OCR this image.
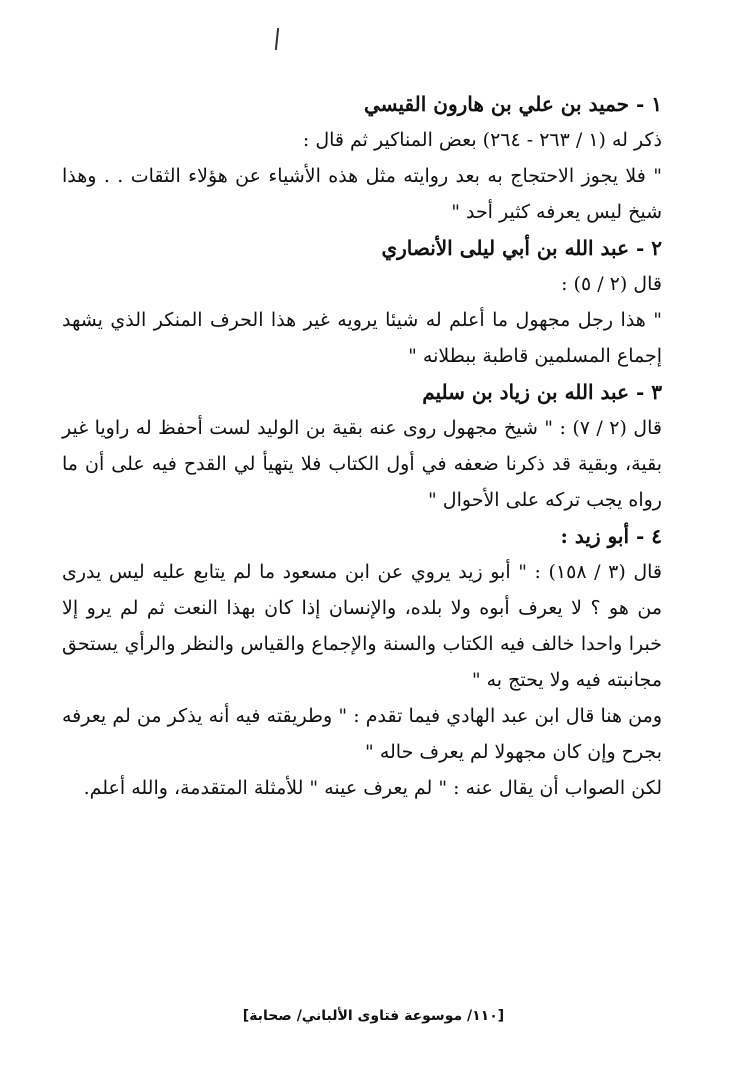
١ - حميد بن علي بن هارون القيسي

ذكر له (١ / ٢٦٣ - ٢٦٤) بعض المناكير ثم قال :

" فلا يجوز الاحتجاج به بعد روايته مثل هذه الأشياء عن هؤلاء الثقات . . وهذا شيخ ليس يعرفه كثير أحد "

٢ - عبد الله بن أبي ليلى الأنصاري

قال (٢ / ٥) :

" هذا رجل مجهول ما أعلم له شيئا يرويه غير هذا الحرف المنكر الذي يشهد إجماع المسلمين قاطبة ببطلانه "

٣ - عبد الله بن زياد بن سليم

قال (٢ / ٧) : " شيخ مجهول روى عنه بقية بن الوليد لست أحفظ له راويا غير بقية، وبقية قد ذكرنا ضعفه في أول الكتاب فلا يتهيأ لي القدح فيه على أن ما رواه يجب تركه على الأحوال "

٤ - أبو زيد :

قال (٣ / ١٥٨) : " أبو زيد يروي عن ابن مسعود ما لم يتابع عليه ليس يدرى من هو ؟ لا يعرف أبوه ولا بلده، والإنسان إذا كان بهذا النعت ثم لم يرو إلا خبرا واحدا خالف فيه الكتاب والسنة والإجماع والقياس والنظر والرأي يستحق مجانبته فيه ولا يحتج به "

ومن هنا قال ابن عبد الهادي فيما تقدم : " وطريقته فيه أنه يذكر من لم يعرفه بجرح وإن كان مجهولا لم يعرف حاله "

لكن الصواب أن يقال عنه : " لم يعرف عينه " للأمثلة المتقدمة، والله أعلم.

[١١٠/ موسوعة فتاوى الألباني/ صحابة]
